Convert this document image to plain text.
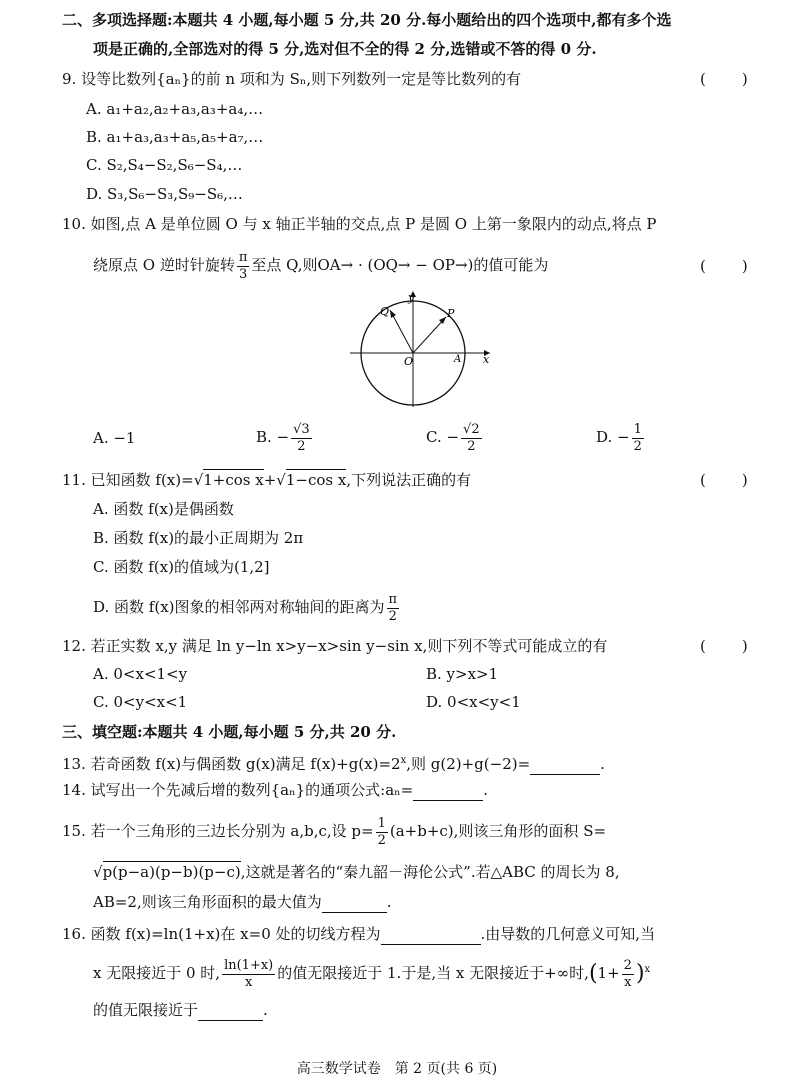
二、多项选择题:本题共 4 小题,每小题 5 分,共 20 分.每小题给出的四个选项中,都有多个选
项是正确的,全部选对的得 5 分,选对但不全的得 2 分,选错或不答的得 0 分.
9. 设等比数列{aₙ}的前 n 项和为 Sₙ,则下列数列一定是等比数列的有	(　　)
A. a₁+a₂,a₂+a₃,a₃+a₄,…
B. a₁+a₃,a₃+a₅,a₅+a₇,…
C. S₂,S₄−S₂,S₆−S₄,…
D. S₃,S₆−S₃,S₉−S₆,…
10. 如图,点 A 是单位圆 O 与 x 轴正半轴的交点,点 P 是圆 O 上第一象限内的动点,将点 P
绕原点 O 逆时针旋转 $\frac{\pi}{3}$ 至点 Q,则OA→ · (OQ→ − OP→)的值可能为	(　　)
y
Q	P
O	A x
A. −1	B. − $\frac{√3}{2}$	C. − $\frac{√2}{2}$	D. − $\frac{1}{2}$
11. 已知函数 f(x)=√1+cos x+√1−cos x,下列说法正确的有	(　　)
A. 函数 f(x)是偶函数
B. 函数 f(x)的最小正周期为 2π
C. 函数 f(x)的值域为(1,2]
D. 函数 f(x)图象的相邻两对称轴间的距离为 $\frac{\pi}{2}$
12. 若正实数 x,y 满足 ln y−ln x>y−x>sin y−sin x,则下列不等式可能成立的有	(　　)
A. 0<x<1<y	B. y>x>1
C. 0<y<x<1	D. 0<x<y<1
三、填空题:本题共 4 小题,每小题 5 分,共 20 分.
13. 若奇函数 f(x)与偶函数 g(x)满足 $f(x)+g(x)=2^x$,则 g(2)+g(−2)=	.
14. 试写出一个先减后增的数列{aₙ}的通项公式:aₙ=	.
15. 若一个三角形的三边长分别为 a,b,c,设 $p= \frac{1}{2} (a+b+c)$,则该三角形的面积 S=
√p(p−a)(p−b)(p−c),这就是著名的“秦九韶－海伦公式”.若△ABC 的周长为 8,
AB=2,则该三角形面积的最大值为	.
16. 函数 f(x)=ln(1+x)在 x=0 处的切线方程为	.由导数的几何意义可知,当
x 无限接近于 0 时, $\frac{\ln(1+x)}{x}$ 的值无限接近于 1.于是,当 x 无限接近于+∞时$,(1+ \frac{2}{x} )^x$
的值无限接近于	.
高三数学试卷　第 2 页(共 6 页)
